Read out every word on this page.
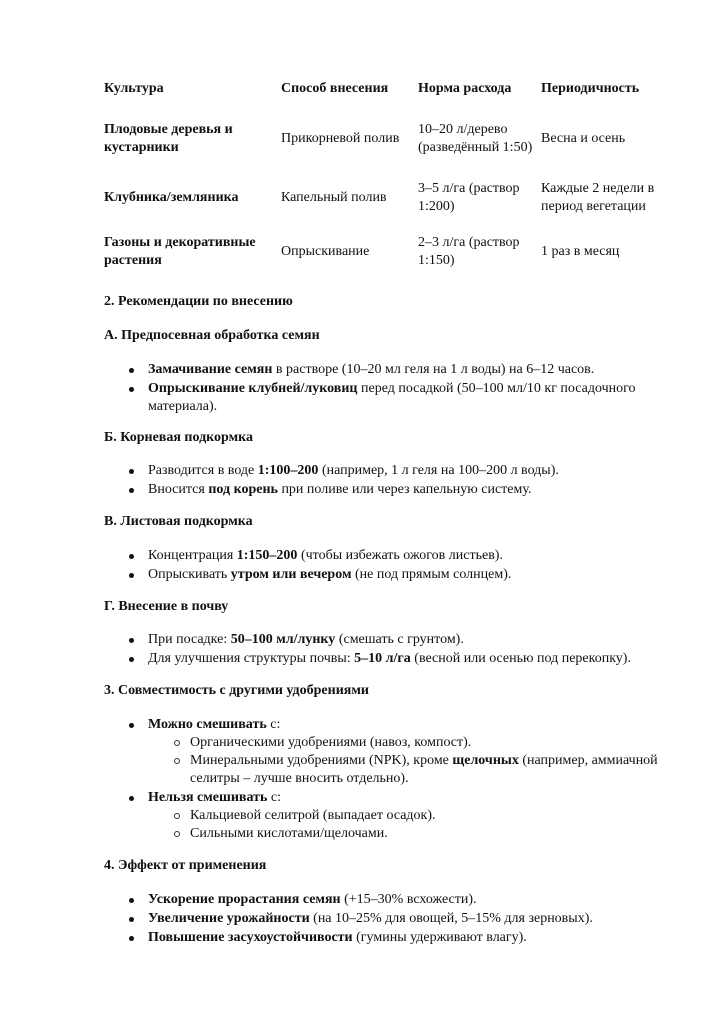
Культура	Способ внесения	Норма расхода	Периодичность
Плодовые деревья и кустарники	Прикорневой полив	10–20 л/дерево (разведённый 1:50)	Весна и осень
Клубника/земляника	Капельный полив	3–5 л/га (раствор 1:200)	Каждые 2 недели в период вегетации
Газоны и декоративные растения	Опрыскивание	2–3 л/га (раствор 1:150)	1 раз в месяц

2. Рекомендации по внесению

А. Предпосевная обработка семян

Замачивание семян в растворе (10–20 мл геля на 1 л воды) на 6–12 часов.
Опрыскивание клубней/луковиц перед посадкой (50–100 мл/10 кг посадочного материала).

Б. Корневая подкормка

Разводится в воде 1:100–200 (например, 1 л геля на 100–200 л воды).
Вносится под корень при поливе или через капельную систему.

В. Листовая подкормка

Концентрация 1:150–200 (чтобы избежать ожогов листьев).
Опрыскивать утром или вечером (не под прямым солнцем).

Г. Внесение в почву

При посадке: 50–100 мл/лунку (смешать с грунтом).
Для улучшения структуры почвы: 5–10 л/га (весной или осенью под перекопку).

3. Совместимость с другими удобрениями

Можно смешивать с:
Органическими удобрениями (навоз, компост).
Минеральными удобрениями (NPK), кроме щелочных (например, аммиачной селитры – лучше вносить отдельно).
Нельзя смешивать с:
Кальциевой селитрой (выпадает осадок).
Сильными кислотами/щелочами.

4. Эффект от применения

Ускорение прорастания семян (+15–30% всхожести).
Увеличение урожайности (на 10–25% для овощей, 5–15% для зерновых).
Повышение засухоустойчивости (гумины удерживают влагу).
